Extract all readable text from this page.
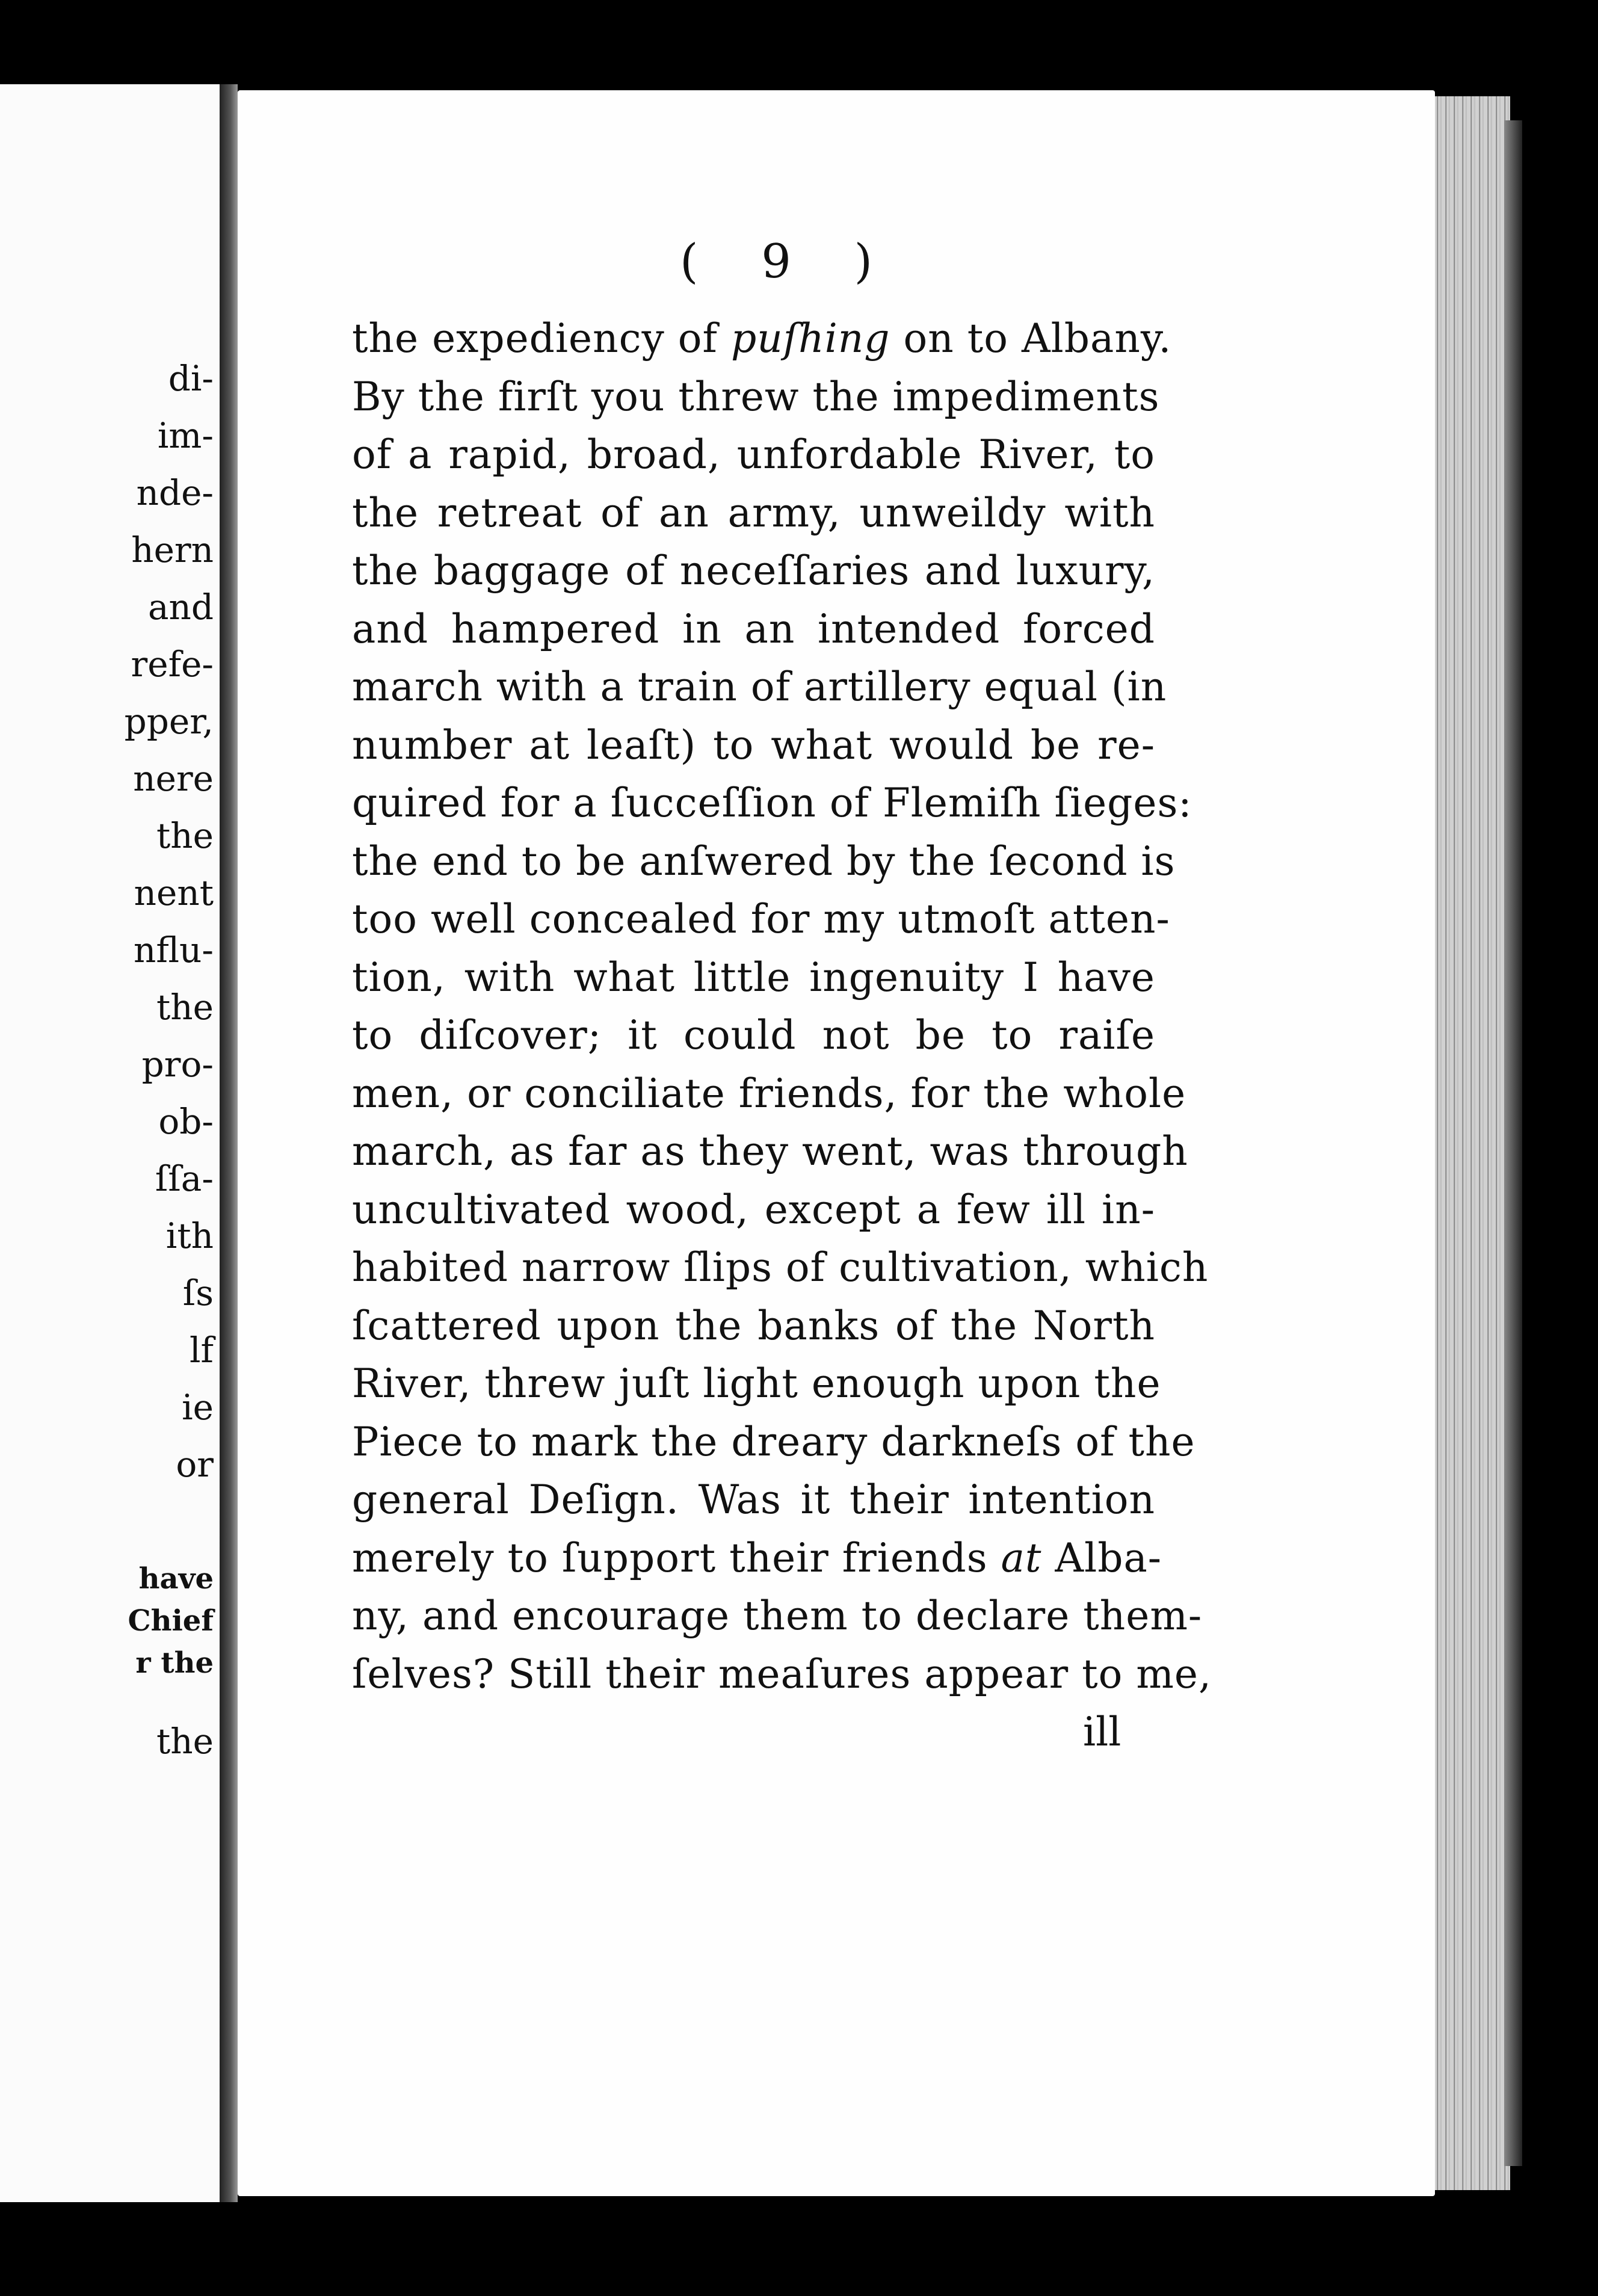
di-
im-
nde-
hern
and
refe-
pper,
nere
the
nent
nflu-
the
pro-
ob-
ſſa-
ith
ſs
lf
ie
or
have
Chief
r the
the
( 9 )
the expediency of puſhing on to Albany.
By the firſt you threw the impediments
of a rapid, broad, unfordable River, to
the retreat of an army, unweildy with
the baggage of neceſſaries and luxury,
and hampered in an intended forced
march with a train of artillery equal (in
number at leaſt) to what would be re-
quired for a ſucceſſion of Flemiſh ſieges:
the end to be anſwered by the ſecond is
too well concealed for my utmoſt atten-
tion, with what little ingenuity I have
to diſcover; it could not be to raiſe
men, or conciliate friends, for the whole
march, as far as they went, was through
uncultivated wood, except a few ill in-
habited narrow ſlips of cultivation, which
ſcattered upon the banks of the North
River, threw juſt light enough upon the
Piece to mark the dreary darkneſs of the
general Deſign. Was it their intention
merely to ſupport their friends at Alba-
ny, and encourage them to declare them-
ſelves? Still their meaſures appear to me,
ill
